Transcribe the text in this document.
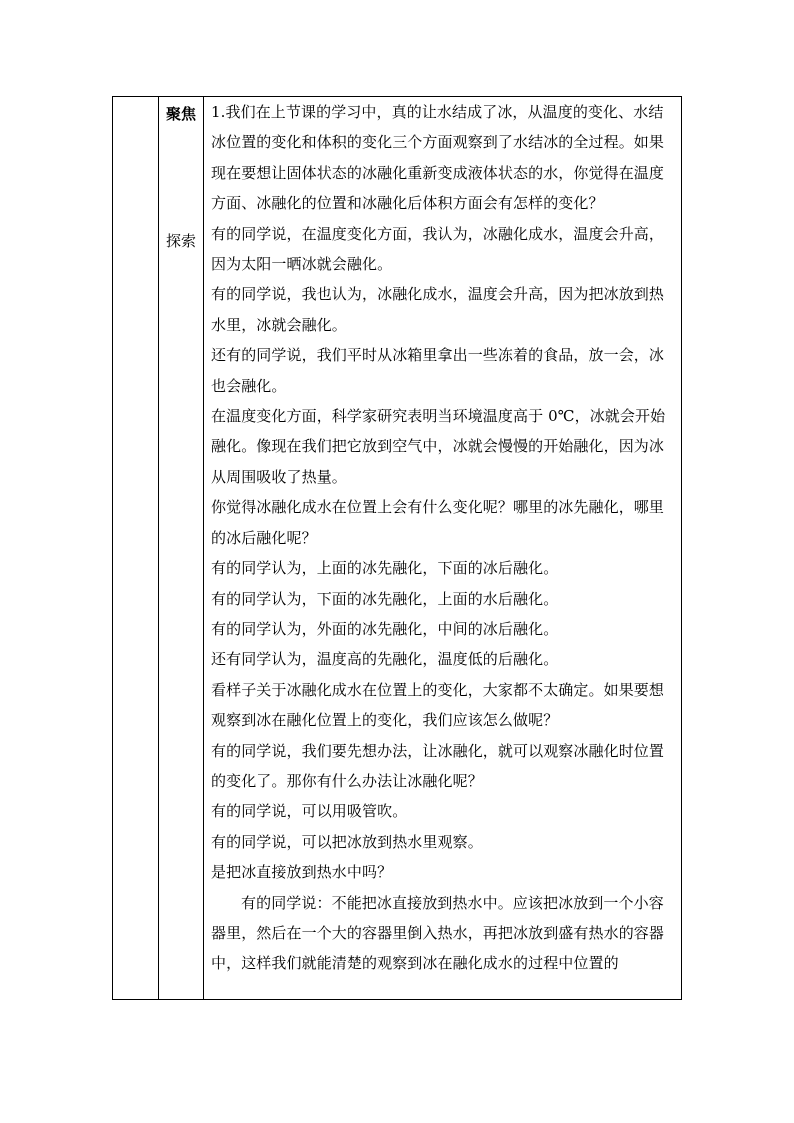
聚焦
探索

1.我们在上节课的学习中，真的让水结成了冰，从温度的变化、水结冰位置的变化和体积的变化三个方面观察到了水结冰的全过程。如果现在要想让固体状态的冰融化重新变成液体状态的水，你觉得在温度方面、冰融化的位置和冰融化后体积方面会有怎样的变化？

有的同学说，在温度变化方面，我认为，冰融化成水，温度会升高，因为太阳一晒冰就会融化。

有的同学说，我也认为，冰融化成水，温度会升高，因为把冰放到热水里，冰就会融化。

还有的同学说，我们平时从冰箱里拿出一些冻着的食品，放一会，冰也会融化。

在温度变化方面，科学家研究表明当环境温度高于 0℃，冰就会开始融化。像现在我们把它放到空气中，冰就会慢慢的开始融化，因为冰从周围吸收了热量。

你觉得冰融化成水在位置上会有什么变化呢？哪里的冰先融化，哪里的冰后融化呢？

有的同学认为，上面的冰先融化，下面的冰后融化。

有的同学认为，下面的冰先融化，上面的水后融化。

有的同学认为，外面的冰先融化，中间的冰后融化。

还有同学认为，温度高的先融化，温度低的后融化。

看样子关于冰融化成水在位置上的变化，大家都不太确定。如果要想观察到冰在融化位置上的变化，我们应该怎么做呢？

有的同学说，我们要先想办法，让冰融化，就可以观察冰融化时位置的变化了。那你有什么办法让冰融化呢？

有的同学说，可以用吸管吹。

有的同学说，可以把冰放到热水里观察。

是把冰直接放到热水中吗？

有的同学说：不能把冰直接放到热水中。应该把冰放到一个小容器里，然后在一个大的容器里倒入热水，再把冰放到盛有热水的容器中，这样我们就能清楚的观察到冰在融化成水的过程中位置的
